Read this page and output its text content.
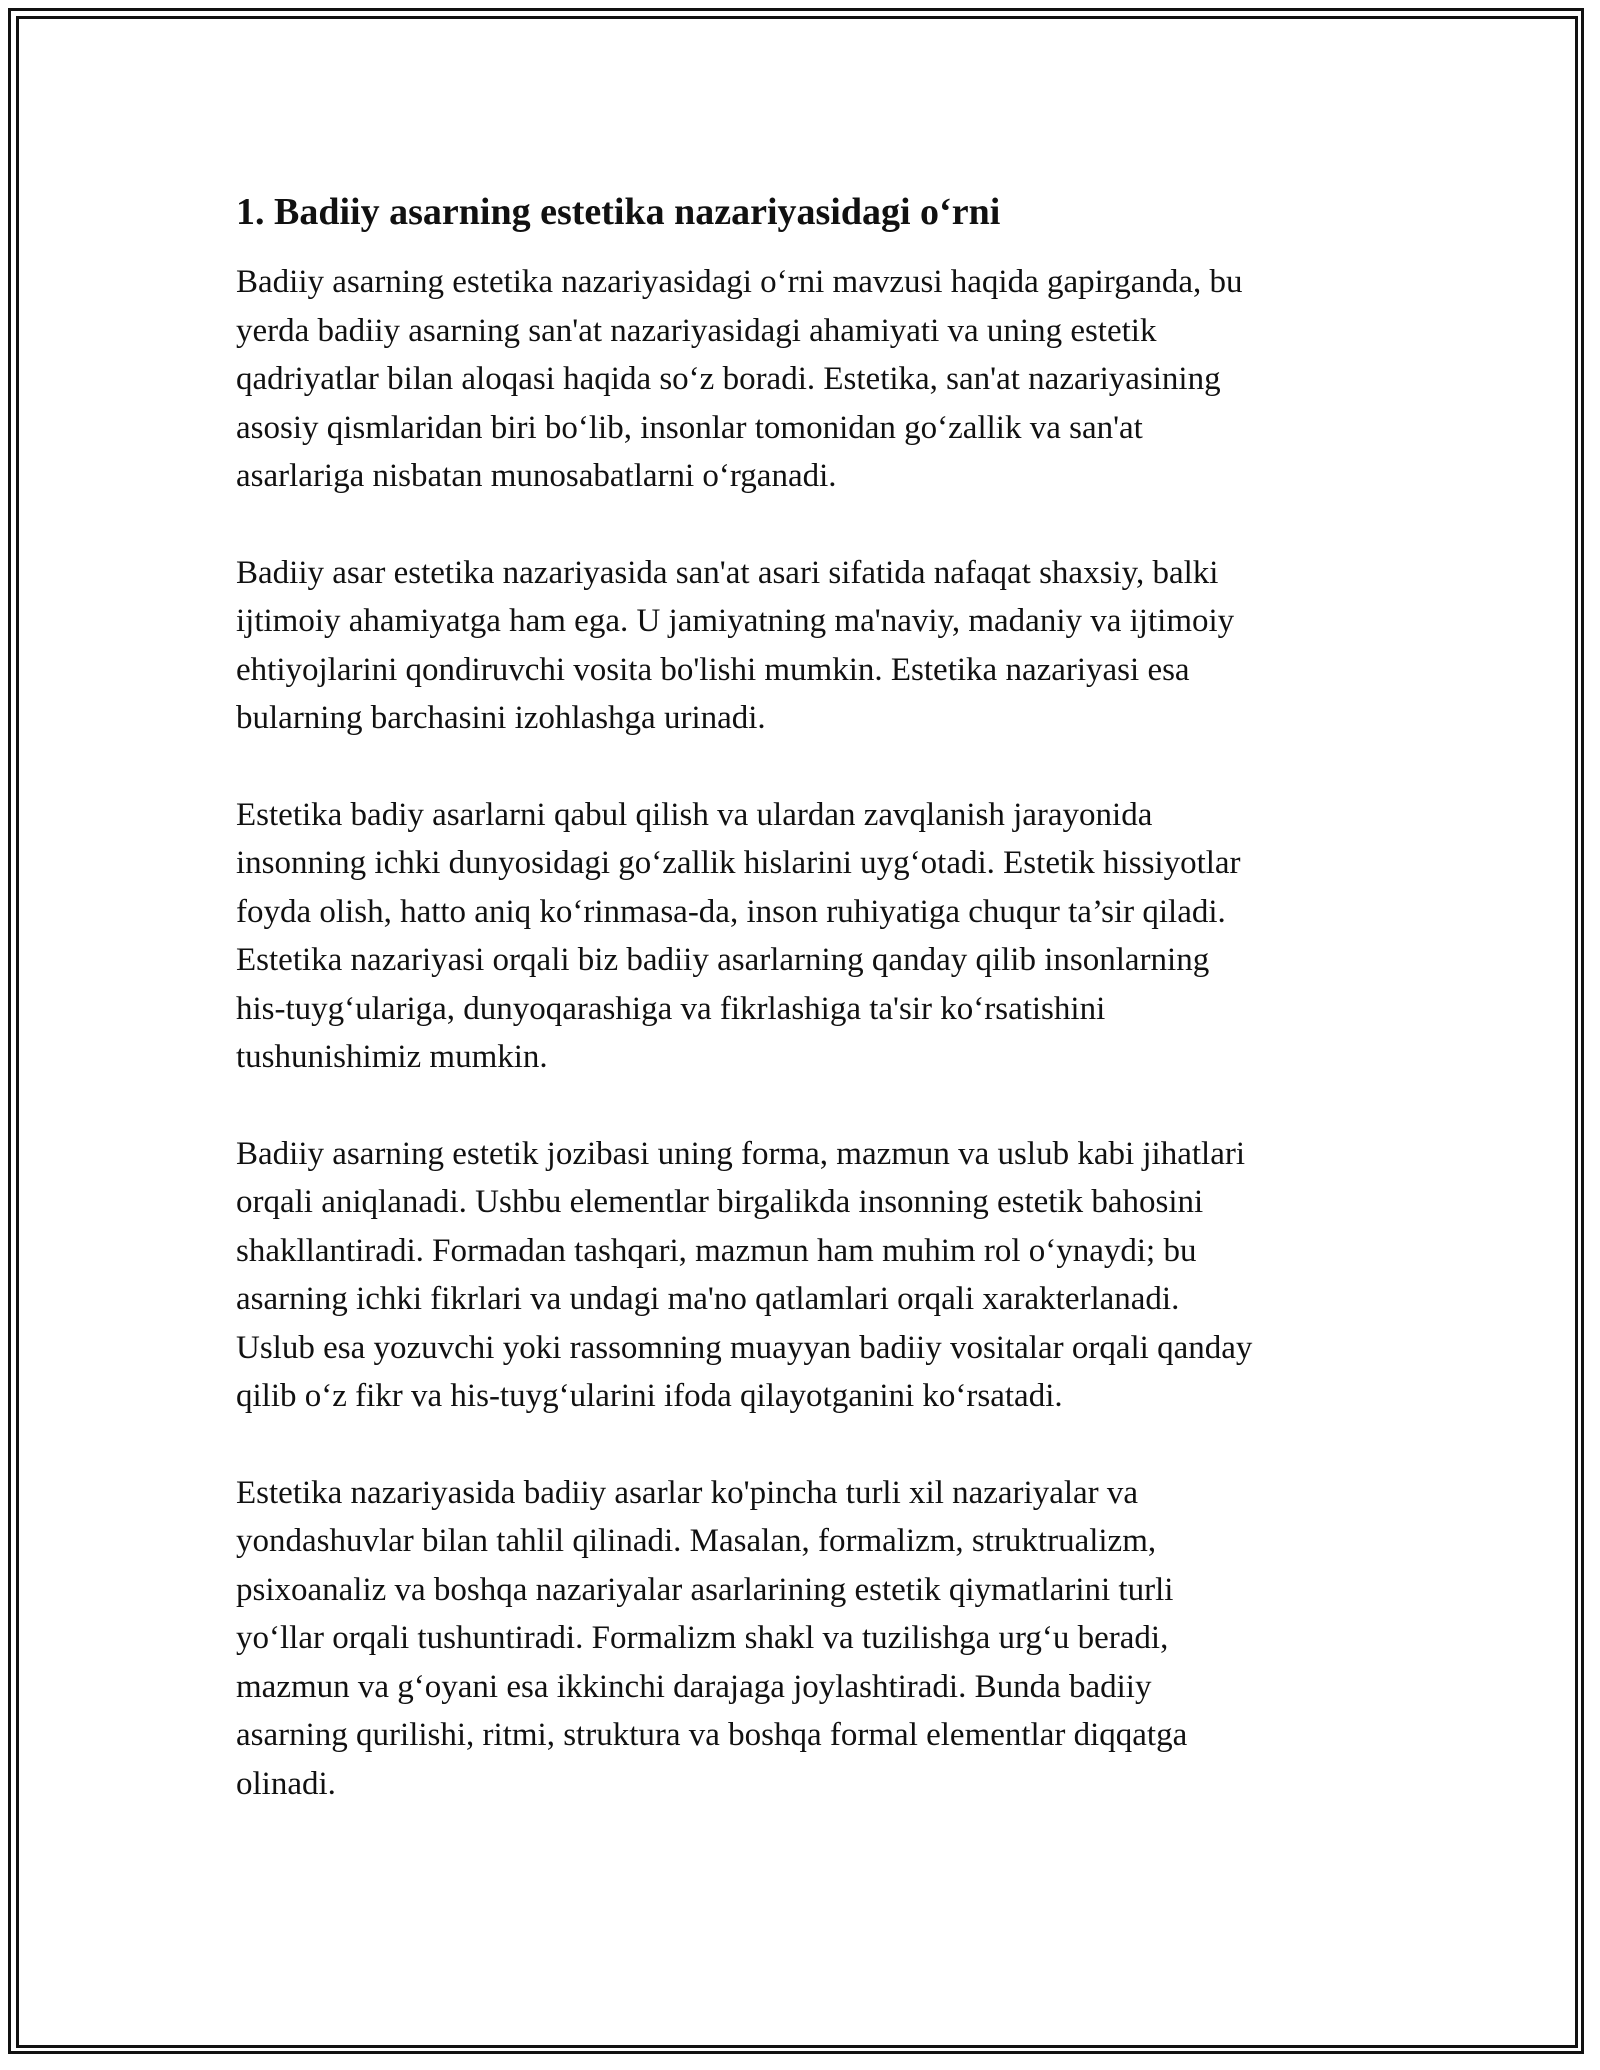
1. Badiiy asarning estetika nazariyasidagi o‘rni

Badiiy asarning estetika nazariyasidagi o‘rni mavzusi haqida gapirganda, bu
yerda badiiy asarning san'at nazariyasidagi ahamiyati va uning estetik
qadriyatlar bilan aloqasi haqida so‘z boradi. Estetika, san'at nazariyasining
asosiy qismlaridan biri bo‘lib, insonlar tomonidan go‘zallik va san'at
asarlariga nisbatan munosabatlarni o‘rganadi.

Badiiy asar estetika nazariyasida san'at asari sifatida nafaqat shaxsiy, balki
ijtimoiy ahamiyatga ham ega. U jamiyatning ma'naviy, madaniy va ijtimoiy
ehtiyojlarini qondiruvchi vosita bo'lishi mumkin. Estetika nazariyasi esa
bularning barchasini izohlashga urinadi.

Estetika badiy asarlarni qabul qilish va ulardan zavqlanish jarayonida
insonning ichki dunyosidagi go‘zallik hislarini uyg‘otadi. Estetik hissiyotlar
foyda olish, hatto aniq ko‘rinmasa-da, inson ruhiyatiga chuqur ta’sir qiladi.
Estetika nazariyasi orqali biz badiiy asarlarning qanday qilib insonlarning
his-tuyg‘ulariga, dunyoqarashiga va fikrlashiga ta'sir ko‘rsatishini
tushunishimiz mumkin.

Badiiy asarning estetik jozibasi uning forma, mazmun va uslub kabi jihatlari
orqali aniqlanadi. Ushbu elementlar birgalikda insonning estetik bahosini
shakllantiradi. Formadan tashqari, mazmun ham muhim rol o‘ynaydi; bu
asarning ichki fikrlari va undagi ma'no qatlamlari orqali xarakterlanadi.
Uslub esa yozuvchi yoki rassomning muayyan badiiy vositalar orqali qanday
qilib o‘z fikr va his-tuyg‘ularini ifoda qilayotganini ko‘rsatadi.

Estetika nazariyasida badiiy asarlar ko'pincha turli xil nazariyalar va
yondashuvlar bilan tahlil qilinadi. Masalan, formalizm, struktrualizm,
psixoanaliz va boshqa nazariyalar asarlarining estetik qiymatlarini turli
yo‘llar orqali tushuntiradi. Formalizm shakl va tuzilishga urg‘u beradi,
mazmun va g‘oyani esa ikkinchi darajaga joylashtiradi. Bunda badiiy
asarning qurilishi, ritmi, struktura va boshqa formal elementlar diqqatga
olinadi.
